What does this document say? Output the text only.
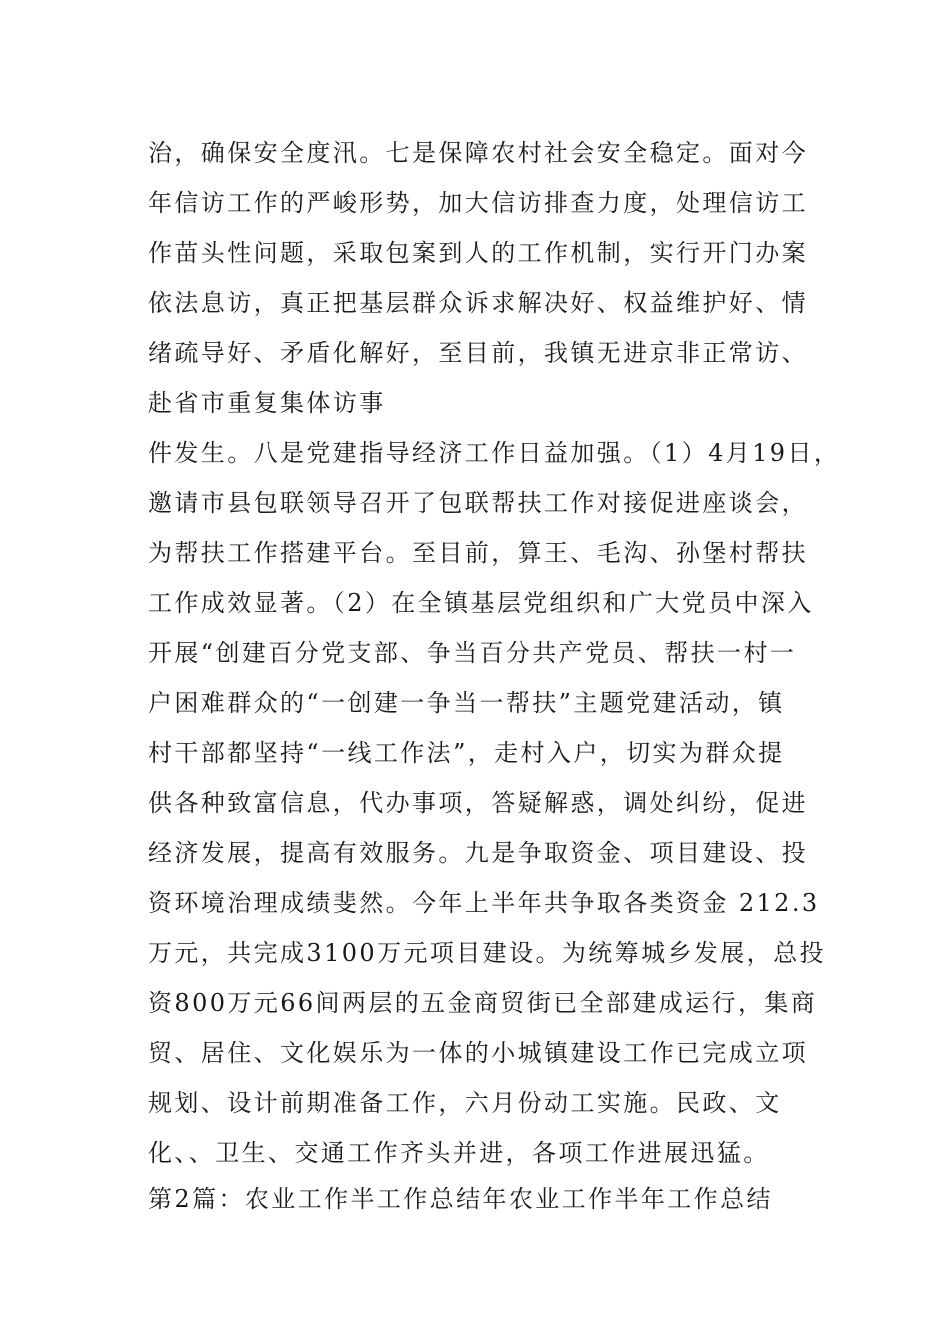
治，确保安全度汛。七是保障农村社会安全稳定。面对今
年信访工作的严峻形势，加大信访排查力度，处理信访工
作苗头性问题，采取包案到人的工作机制，实行开门办案
依法息访，真正把基层群众诉求解决好、权益维护好、情
绪疏导好、矛盾化解好，至目前，我镇无进京非正常访、
赴省市重复集体访事
件发生。八是党建指导经济工作日益加强。（1）4月19日，
邀请市县包联领导召开了包联帮扶工作对接促进座谈会，
为帮扶工作搭建平台。至目前，算王、毛沟、孙堡村帮扶
工作成效显著。（2）在全镇基层党组织和广大党员中深入
开展“创建百分党支部、争当百分共产党员、帮扶一村一
户困难群众的“一创建一争当一帮扶”主题党建活动，镇
村干部都坚持“一线工作法”，走村入户，切实为群众提
供各种致富信息，代办事项，答疑解惑，调处纠纷，促进
经济发展，提高有效服务。九是争取资金、项目建设、投
资环境治理成绩斐然。今年上半年共争取各类资金 212.3
万元，共完成3100万元项目建设。为统筹城乡发展，总投
资800万元66间两层的五金商贸街已全部建成运行，集商
贸、居住、文化娱乐为一体的小城镇建设工作已完成立项
规划、设计前期准备工作，六月份动工实施。民政、文
化、、卫生、交通工作齐头并进，各项工作进展迅猛。
第2篇：农业工作半工作总结年农业工作半年工作总结
